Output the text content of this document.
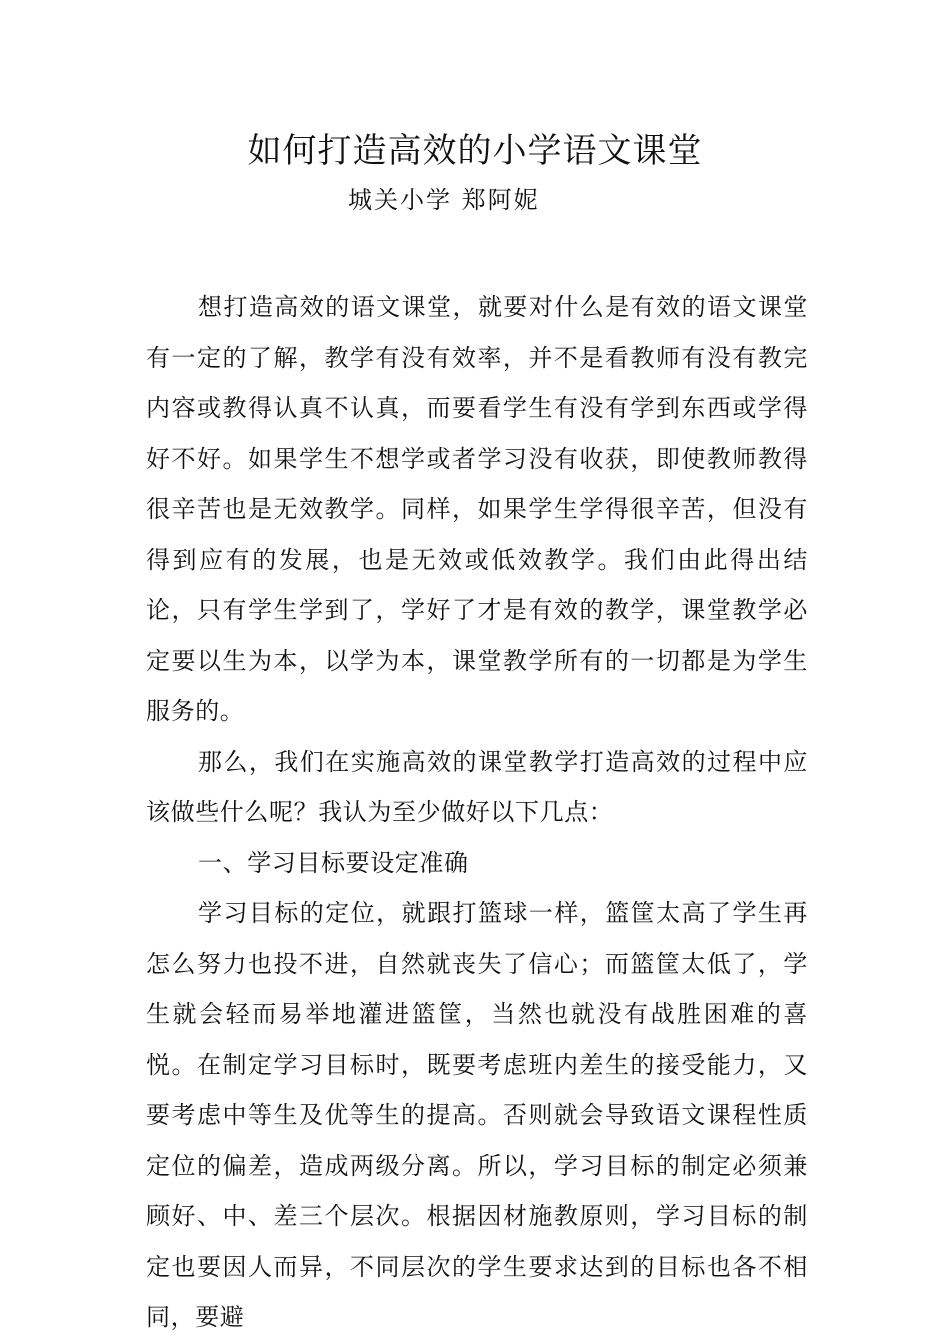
如何打造高效的小学语文课堂
城关小学 郑阿妮

想打造高效的语文课堂，就要对什么是有效的语文课堂有一定的了解，教学有没有效率，并不是看教师有没有教完内容或教得认真不认真，而要看学生有没有学到东西或学得好不好。如果学生不想学或者学习没有收获，即使教师教得很辛苦也是无效教学。同样，如果学生学得很辛苦，但没有得到应有的发展，也是无效或低效教学。我们由此得出结论，只有学生学到了，学好了才是有效的教学，课堂教学必定要以生为本，以学为本，课堂教学所有的一切都是为学生服务的。

那么，我们在实施高效的课堂教学打造高效的过程中应该做些什么呢？我认为至少做好以下几点：

一、学习目标要设定准确

学习目标的定位，就跟打篮球一样，篮筐太高了学生再怎么努力也投不进，自然就丧失了信心；而篮筐太低了，学生就会轻而易举地灌进篮筐，当然也就没有战胜困难的喜悦。在制定学习目标时，既要考虑班内差生的接受能力，又要考虑中等生及优等生的提高。否则就会导致语文课程性质定位的偏差，造成两级分离。所以，学习目标的制定必须兼顾好、中、差三个层次。根据因材施教原则，学习目标的制定也要因人而异，不同层次的学生要求达到的目标也各不相同，要避
